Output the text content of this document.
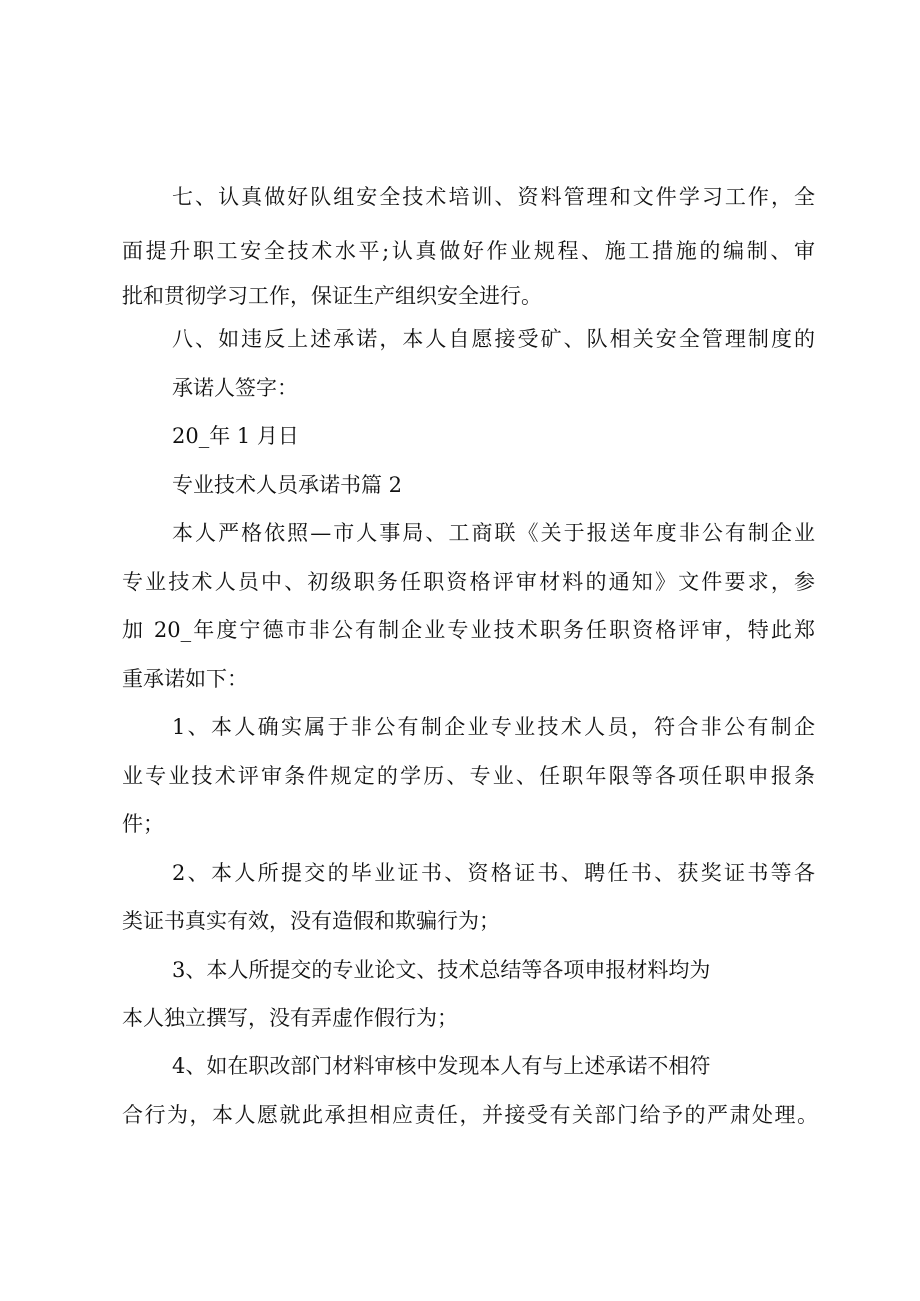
七、认真做好队组安全技术培训、资料管理和文件学习工作，全
面提升职工安全技术水平;认真做好作业规程、施工措施的编制、审
批和贯彻学习工作，保证生产组织安全进行。
八、如违反上述承诺，本人自愿接受矿、队相关安全管理制度的
承诺人签字：
20_年 1 月日
专业技术人员承诺书篇 2
本人严格依照—市人事局、工商联《关于报送年度非公有制企业
专业技术人员中、初级职务任职资格评审材料的通知》文件要求，参
加 20_年度宁德市非公有制企业专业技术职务任职资格评审，特此郑
重承诺如下：
1、本人确实属于非公有制企业专业技术人员，符合非公有制企
业专业技术评审条件规定的学历、专业、任职年限等各项任职申报条
件；
2、本人所提交的毕业证书、资格证书、聘任书、获奖证书等各
类证书真实有效，没有造假和欺骗行为；
3、本人所提交的专业论文、技术总结等各项申报材料均为
本人独立撰写，没有弄虚作假行为；
4、如在职改部门材料审核中发现本人有与上述承诺不相符
合行为，本人愿就此承担相应责任，并接受有关部门给予的严肃处理。
